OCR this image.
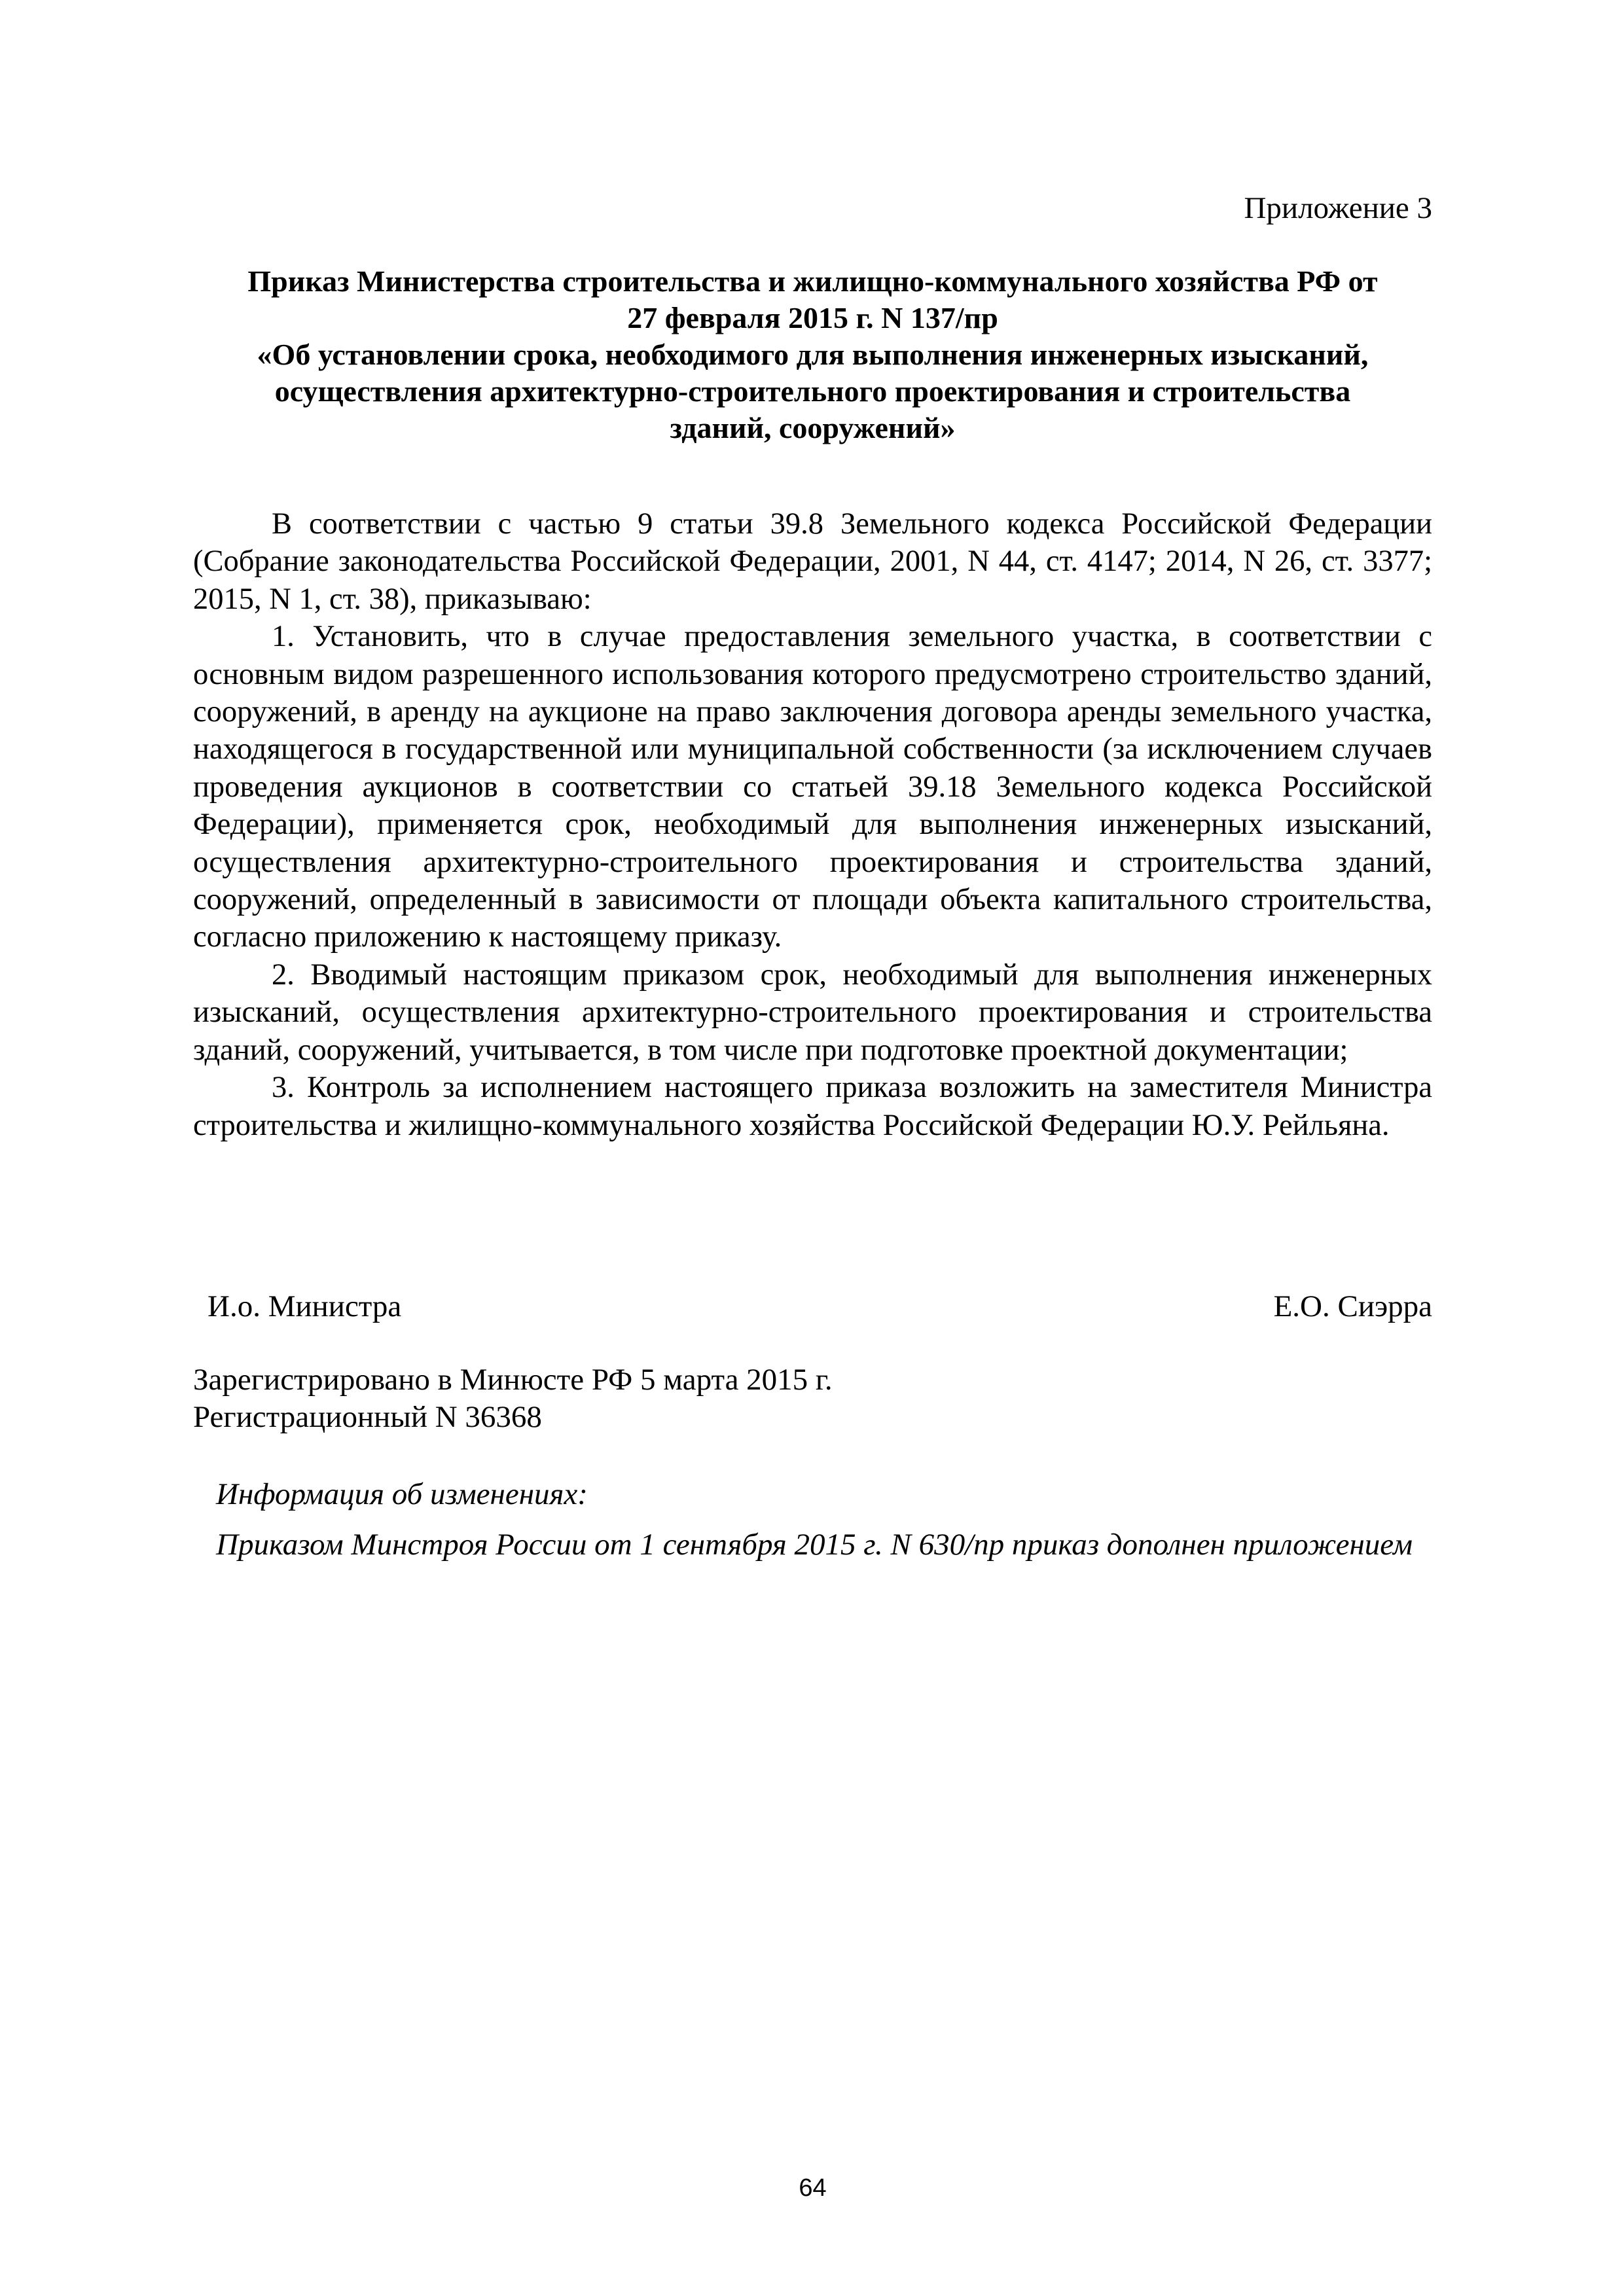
Приложение 3
Приказ Министерства строительства и жилищно-коммунального хозяйства РФ от
27 февраля 2015 г. N 137/пр
«Об установлении срока, необходимого для выполнения инженерных изысканий,
осуществления архитектурно-строительного проектирования и строительства
зданий, сооружений»

В соответствии с частью 9 статьи 39.8 Земельного кодекса Российской Федерации (Собрание законодательства Российской Федерации, 2001, N 44, ст. 4147; 2014, N 26, ст. 3377; 2015, N 1, ст. 38), приказываю:

1. Установить, что в случае предоставления земельного участка, в соответствии с основным видом разрешенного использования которого предусмотрено строительство зданий, сооружений, в аренду на аукционе на право заключения договора аренды земельного участка, находящегося в государственной или муниципальной собственности (за исключением случаев проведения аукционов в соответствии со статьей 39.18 Земельного кодекса Российской Федерации), применяется срок, необходимый для выполнения инженерных изысканий, осуществления архитектурно-строительного проектирования и строительства зданий, сооружений, определенный в зависимости от площади объекта капитального строительства, согласно приложению к настоящему приказу.

2. Вводимый настоящим приказом срок, необходимый для выполнения инженерных изысканий, осуществления архитектурно-строительного проектирования и строительства зданий, сооружений, учитывается, в том числе при подготовке проектной документации;

3. Контроль за исполнением настоящего приказа возложить на заместителя Министра строительства и жилищно-коммунального хозяйства Российской Федерации Ю.У. Рейльяна.

И.о. Министра	Е.О. Сиэрра
Зарегистрировано в Минюсте РФ 5 марта 2015 г.
Регистрационный N 36368
Информация об изменениях:
Приказом Минстроя России от 1 сентября 2015 г. N 630/пр приказ дополнен приложением
64
